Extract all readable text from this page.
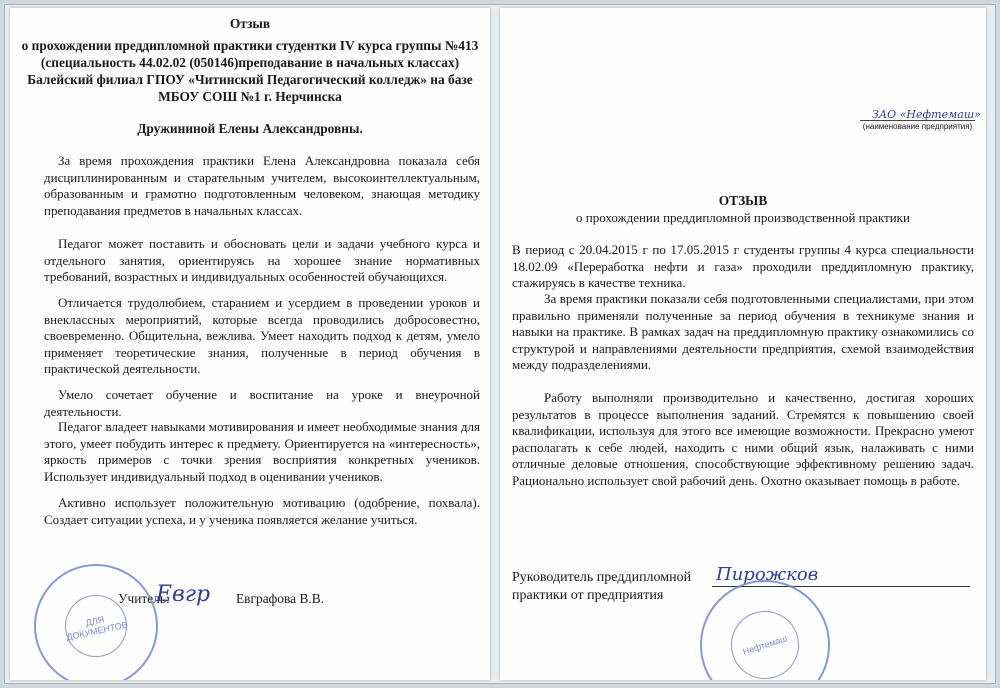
Отзыв
о прохождении преддипломной практики студентки IV курса группы №413
(специальность 44.02.02 (050146)преподавание в начальных классах)
Балейский филиал ГПОУ «Читинский Педагогический колледж» на базе
МБОУ СОШ №1 г. Нерчинска
Дружининой Елены Александровны.

За время прохождения практики Елена Александровна показала себя дисциплинированным и старательным учителем, высокоинтеллектуальным, образованным и грамотно подготовленным человеком, знающая методику преподавания предметов в начальных классах.

Педагог может поставить и обосновать цели и задачи учебного курса и отдельного занятия, ориентируясь на хорошее знание нормативных требований, возрастных и индивидуальных особенностей обучающихся.

Отличается трудолюбием, старанием и усердием в проведении уроков и внеклассных мероприятий, которые всегда проводились добросовестно, своевременно. Общительна, вежлива. Умеет находить подход к детям, умело применяет теоретические знания, полученные в период обучения в практической деятельности.

Умело сочетает обучение и воспитание на уроке и внеурочной деятельности.

Педагог владеет навыками мотивирования и имеет необходимые знания для этого, умеет побудить интерес к предмету. Ориентируется на «интересность», яркость примеров с точки зрения восприятия конкретных учеников. Использует индивидуальный подход в оценивании учеников.

Активно использует положительную мотивацию (одобрение, похвала). Создает ситуации успеха, и у ученика появляется желание учиться.

Учитель:
Евгр Евграфова В.В.
ДЛЯ ДОКУМЕНТОВ
ЗАО «Нефтемаш»
(наименование предприятия)
ОТЗЫВ
о прохождении преддипломной производственной практики

В период с 20.04.2015 г по 17.05.2015 г студенты группы 4 курса специальности 18.02.09 «Переработка нефти и газа» проходили преддипломную практику, стажируясь в качестве техника.

За время практики показали себя подготовленными специалистами, при этом правильно применяли полученные за период обучения в техникуме знания и навыки на практике. В рамках задач на преддипломную практику ознакомились со структурой и направлениями деятельности предприятия, схемой взаимодействия между подразделениями.

Работу выполняли производительно и качественно, достигая хороших результатов в процессе выполнения заданий. Стремятся к повышению своей квалификации, используя для этого все имеющие возможности. Прекрасно умеют располагать к себе людей, находить с ними общий язык, налаживать с ними отличные деловые отношения, способствующие эффективному решению задач. Рационально использует свой рабочий день. Охотно оказывает помощь в работе.

Руководитель преддипломной
практики от предприятия
Пирожков
Нефтемаш
